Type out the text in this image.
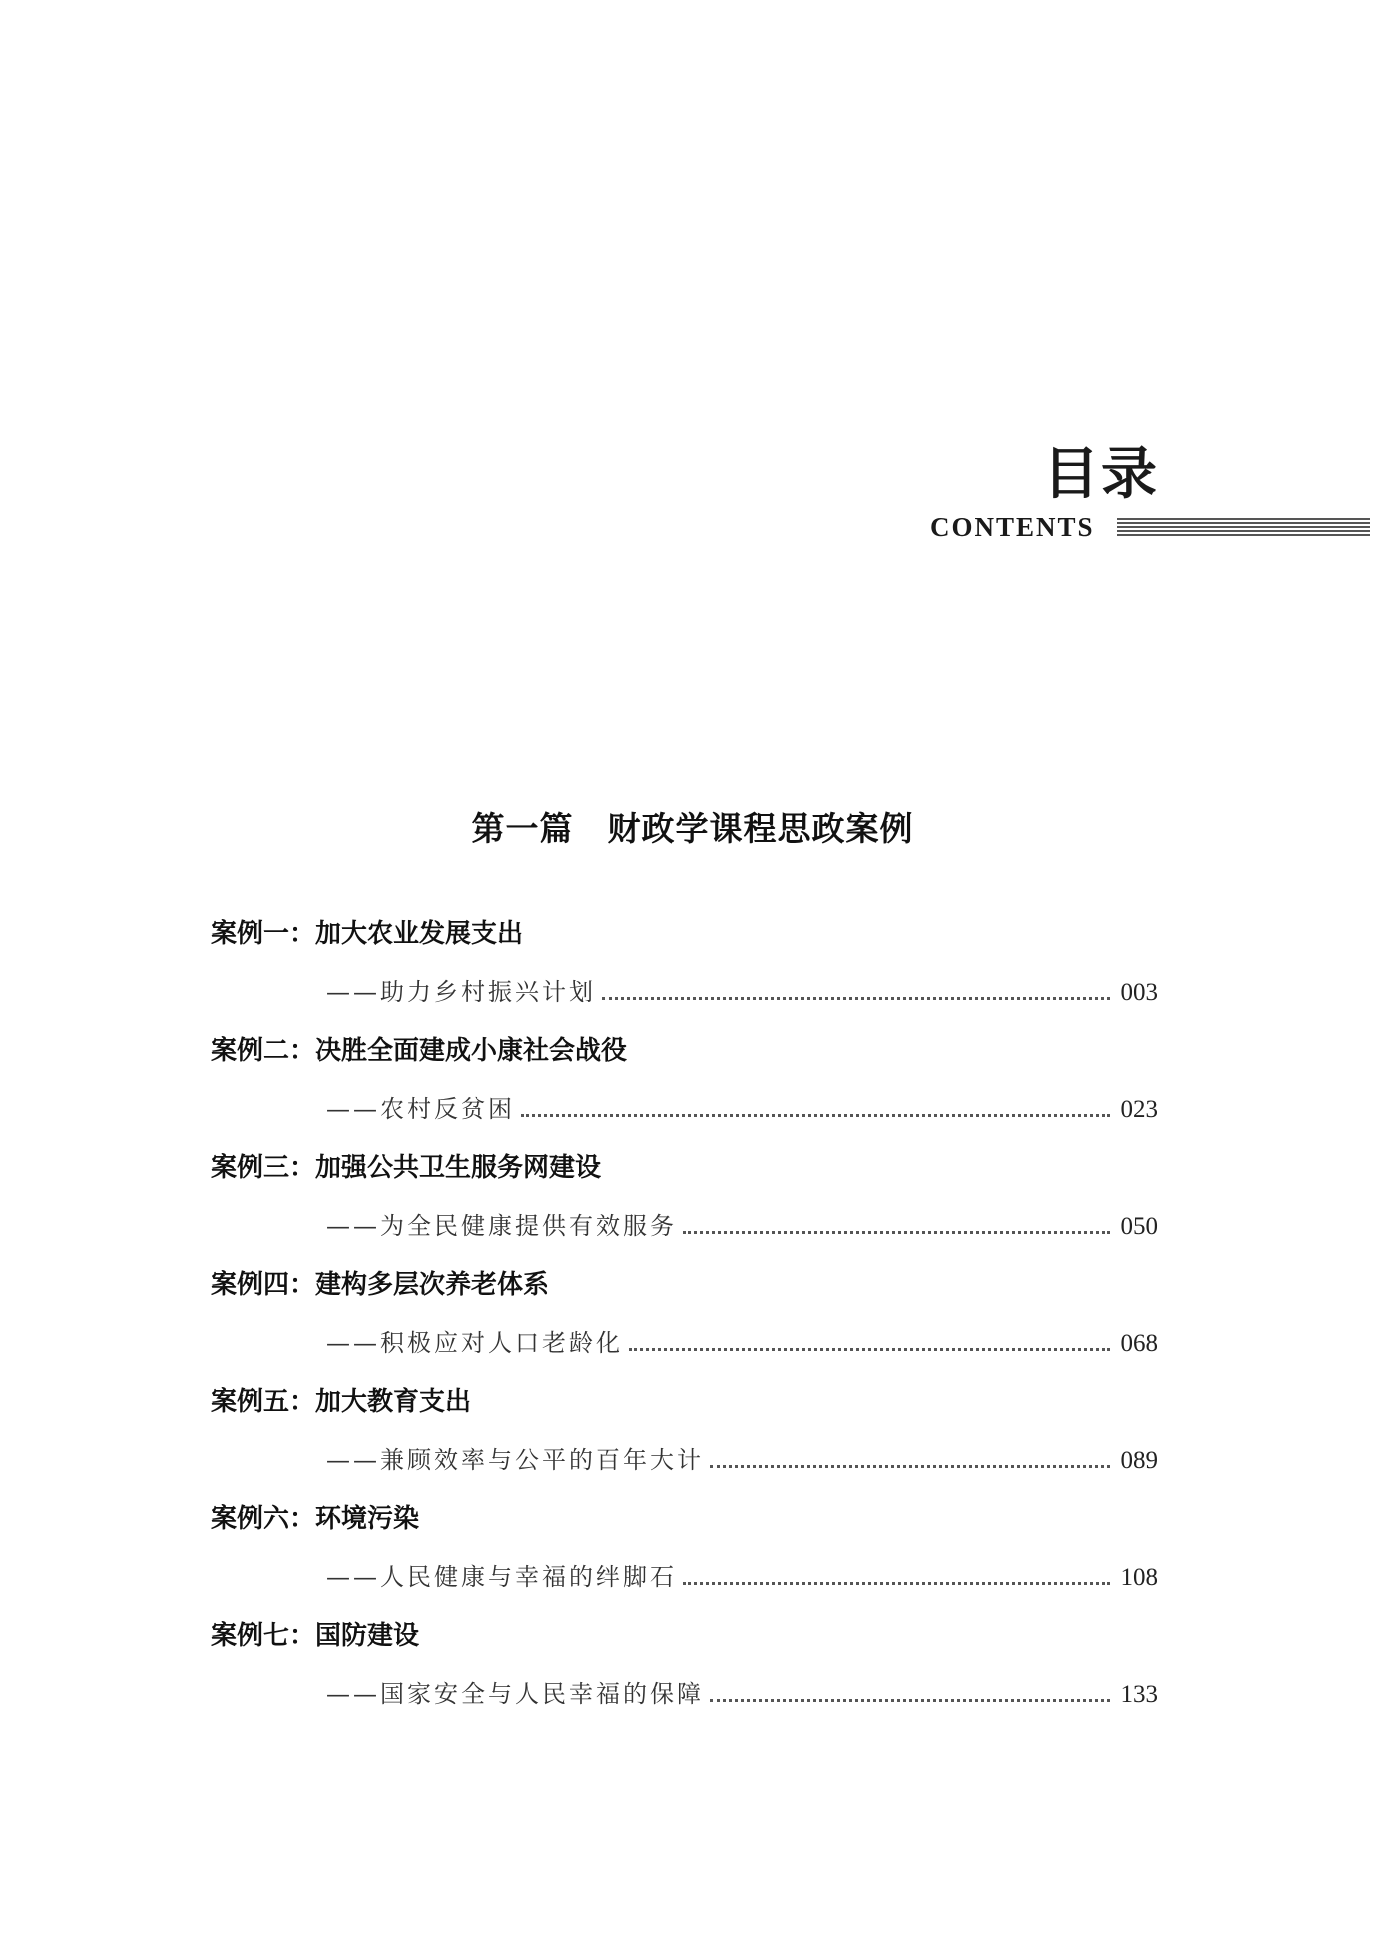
目录
CONTENTS
第一篇 财政学课程思政案例
案例一：加大农业发展支出
——助力乡村振兴计划	003
案例二：决胜全面建成小康社会战役
——农村反贫困	023
案例三：加强公共卫生服务网建设
——为全民健康提供有效服务	050
案例四：建构多层次养老体系
——积极应对人口老龄化	068
案例五：加大教育支出
——兼顾效率与公平的百年大计	089
案例六：环境污染
——人民健康与幸福的绊脚石	108
案例七：国防建设
——国家安全与人民幸福的保障	133
